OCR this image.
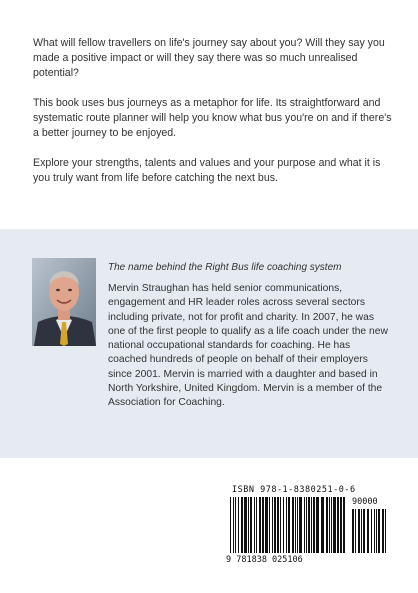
What will fellow travellers on life's journey say about you? Will they say you made a positive impact or will they say there was so much unrealised potential?

This book uses bus journeys as a metaphor for life. Its straightforward and systematic route planner will help you know what bus you're on and if there's a better journey to be enjoyed.

Explore your strengths, talents and values and your purpose and what it is you truly want from life before catching the next bus.

The name behind the Right Bus life coaching system
Mervin Straughan has held senior communications, engagement and HR leader roles across several sectors including private, not for profit and charity. In 2007, he was one of the first people to qualify as a life coach under the new national occupational standards for coaching. He has coached hundreds of people on behalf of their employers since 2001. Mervin is married with a daughter and based in North Yorkshire, United Kingdom. Mervin is a member of the Association for Coaching.
ISBN 978-1-8380251-0-6
90000
9 781838 025106
